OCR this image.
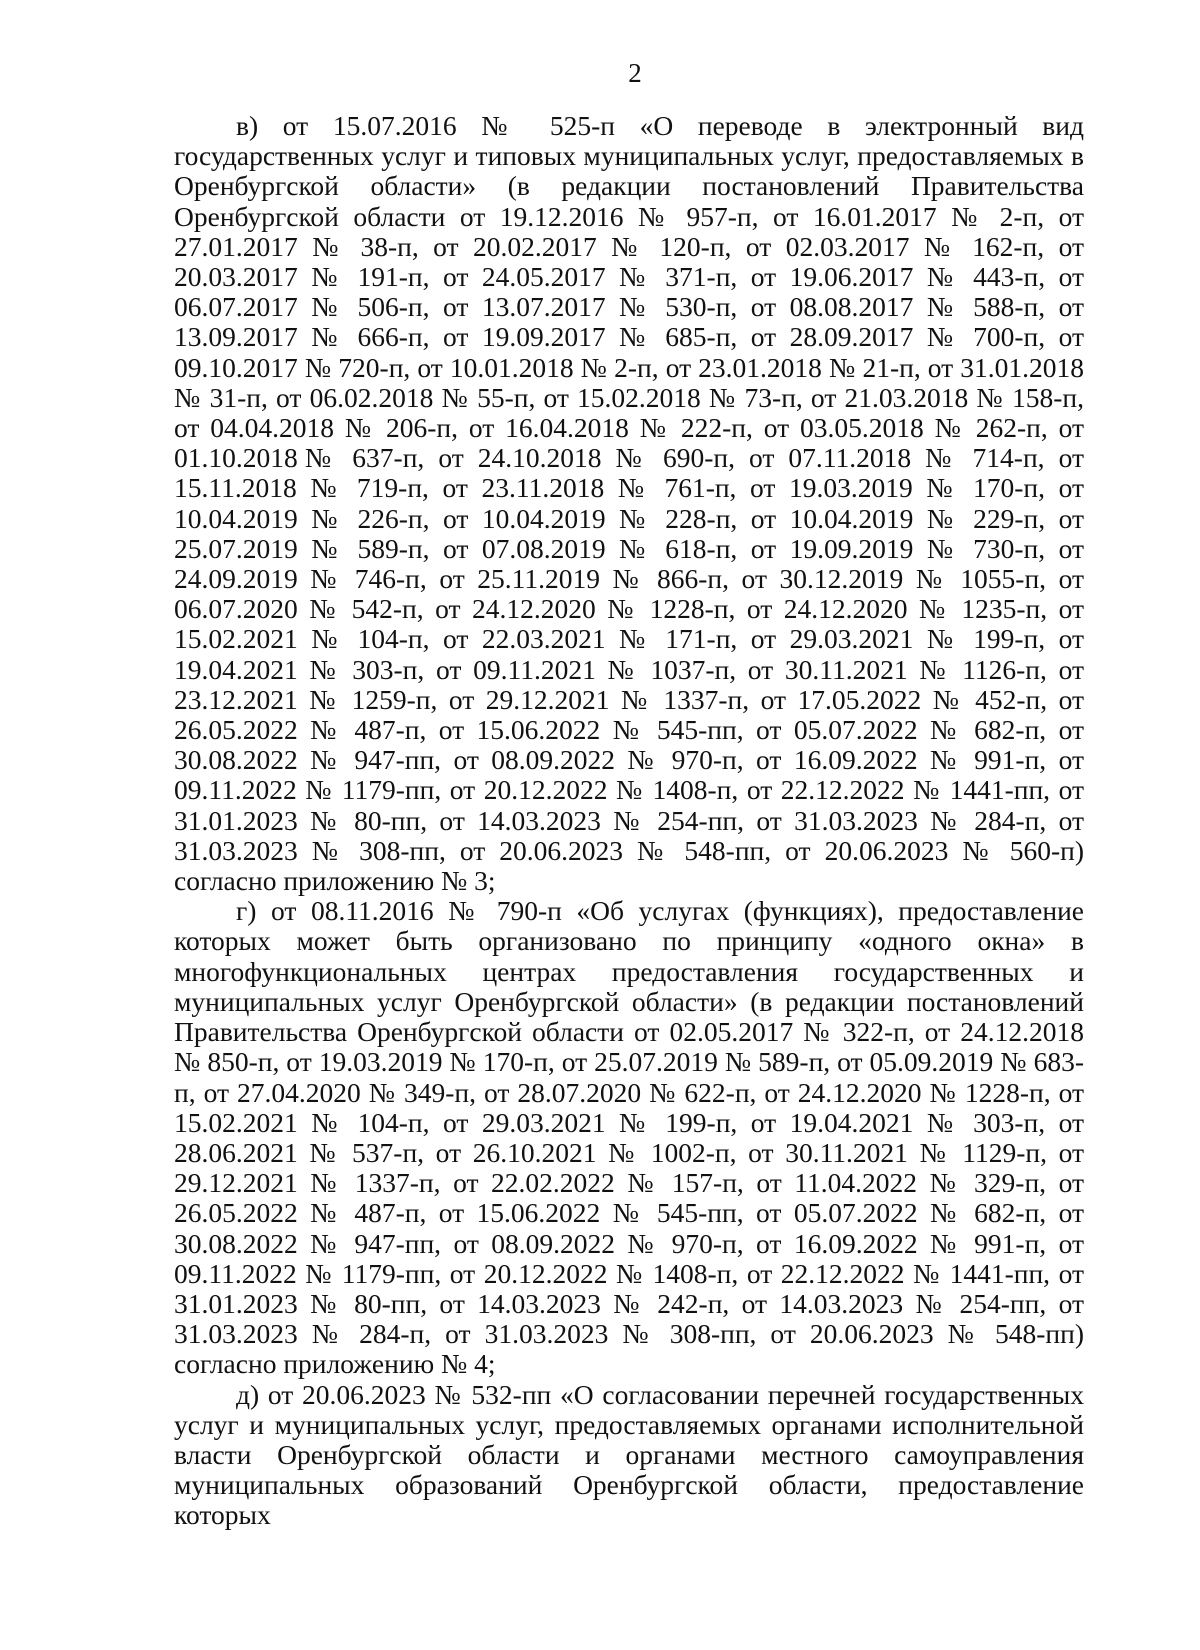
2

в) от 15.07.2016 № 525-п «О переводе в электронный вид государственных услуг и типовых муниципальных услуг, предоставляемых в Оренбургской области» (в редакции постановлений Правительства Оренбургской области от 19.12.2016 № 957-п, от 16.01.2017 № 2-п, от 27.01.2017 № 38-п, от 20.02.2017 № 120-п, от 02.03.2017 № 162-п, от 20.03.2017 № 191-п, от 24.05.2017 № 371-п, от 19.06.2017 № 443-п, от 06.07.2017 № 506-п, от 13.07.2017 № 530-п, от 08.08.2017 № 588-п, от 13.09.2017 № 666-п, от 19.09.2017 № 685-п, от 28.09.2017 № 700-п, от 09.10.2017 № 720-п, от 10.01.2018 № 2-п, от 23.01.2018 № 21-п, от 31.01.2018 № 31-п, от 06.02.2018 № 55-п, от 15.02.2018 № 73-п, от 21.03.2018 № 158-п, от 04.04.2018 № 206-п, от 16.04.2018 № 222-п, от 03.05.2018 № 262-п, от 01.10.2018№ 637-п, от 24.10.2018 № 690-п, от 07.11.2018 № 714-п, от 15.11.2018 № 719-п, от 23.11.2018 № 761-п, от 19.03.2019 № 170-п, от 10.04.2019 № 226-п, от 10.04.2019 № 228-п, от 10.04.2019 № 229-п, от 25.07.2019 № 589-п, от 07.08.2019 № 618-п, от 19.09.2019 № 730-п, от 24.09.2019 № 746-п, от 25.11.2019 № 866-п, от 30.12.2019 № 1055-п, от 06.07.2020 № 542-п, от 24.12.2020 № 1228-п, от 24.12.2020 № 1235-п, от 15.02.2021 № 104-п, от 22.03.2021 № 171-п, от 29.03.2021 № 199-п, от 19.04.2021 № 303-п, от 09.11.2021 № 1037-п, от 30.11.2021 № 1126-п, от 23.12.2021 № 1259-п, от 29.12.2021 № 1337-п, от 17.05.2022 № 452-п, от 26.05.2022 № 487-п, от 15.06.2022 № 545-пп, от 05.07.2022 № 682-п, от 30.08.2022 № 947-пп, от 08.09.2022 № 970-п, от 16.09.2022 № 991-п, от 09.11.2022 № 1179-пп, от 20.12.2022 № 1408-п, от 22.12.2022 № 1441-пп, от 31.01.2023 № 80-пп, от 14.03.2023 № 254-пп, от 31.03.2023 № 284-п, от 31.03.2023 № 308-пп, от 20.06.2023 № 548-пп, от 20.06.2023 № 560-п) согласно приложению № 3;

г) от 08.11.2016 № 790-п «Об услугах (функциях), предоставление которых может быть организовано по принципу «одного окна» в многофункциональных центрах предоставления государственных и муниципальных услуг Оренбургской области» (в редакции постановлений Правительства Оренбургской области от 02.05.2017 № 322-п, от 24.12.2018 № 850-п, от 19.03.2019 № 170-п, от 25.07.2019 № 589-п, от 05.09.2019 № 683-п, от 27.04.2020 № 349-п, от 28.07.2020 № 622-п, от 24.12.2020 № 1228-п, от 15.02.2021 № 104-п, от 29.03.2021 № 199-п, от 19.04.2021 № 303-п, от 28.06.2021 № 537-п, от 26.10.2021 № 1002-п, от 30.11.2021 № 1129-п, от 29.12.2021 № 1337-п, от 22.02.2022 № 157-п, от 11.04.2022 № 329-п, от 26.05.2022 № 487-п, от 15.06.2022 № 545-пп, от 05.07.2022 № 682-п, от 30.08.2022 № 947-пп, от 08.09.2022 № 970-п, от 16.09.2022 № 991-п, от 09.11.2022 № 1179-пп, от 20.12.2022 № 1408-п, от 22.12.2022 № 1441-пп, от 31.01.2023 № 80-пп, от 14.03.2023 № 242-п, от 14.03.2023 № 254-пп, от 31.03.2023 № 284-п, от 31.03.2023 № 308-пп, от 20.06.2023 № 548-пп) согласно приложению № 4;

д) от 20.06.2023 № 532-пп «О согласовании перечней государственных услуг и муниципальных услуг, предоставляемых органами исполнительной власти Оренбургской области и органами местного самоуправления муниципальных образований Оренбургской области, предоставление которых
